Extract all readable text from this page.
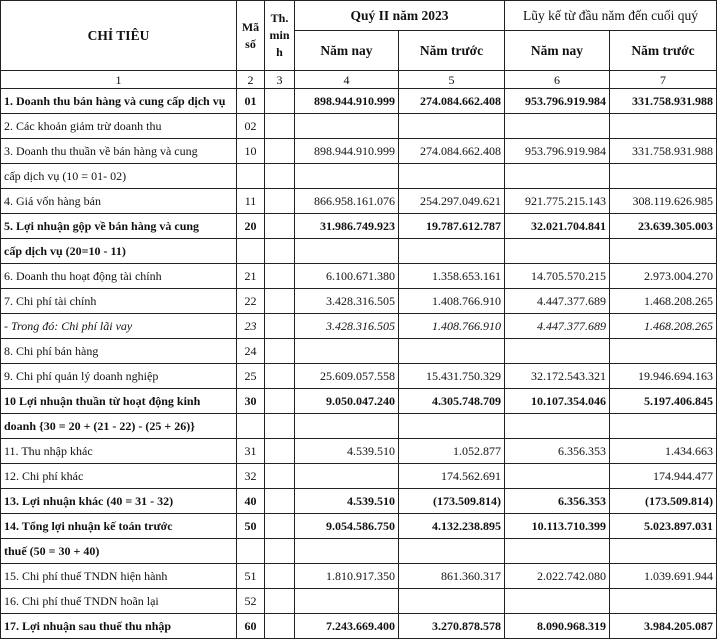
CHỈ TIÊU	Mã số	Th. min h	Quý II năm 2023		Lũy kế từ đầu năm đến cuối quý	
			Năm nay	Năm trước	Năm nay	Năm trước
1	2	3	4	5	6	7
1. Doanh thu bán hàng và cung cấp dịch vụ	01		898.944.910.999	274.084.662.408	953.796.919.984	331.758.931.988
2. Các khoản giảm trừ doanh thu	02					
3. Doanh thu thuần về bán hàng và cung	10		898.944.910.999	274.084.662.408	953.796.919.984	331.758.931.988
cấp dịch vụ (10 = 01- 02)						
4. Giá vốn hàng bán	11		866.958.161.076	254.297.049.621	921.775.215.143	308.119.626.985
5. Lợi nhuận gộp về bán hàng và cung	20		31.986.749.923	19.787.612.787	32.021.704.841	23.639.305.003
cấp dịch vụ (20=10 - 11)						
6. Doanh thu hoạt động tài chính	21		6.100.671.380	1.358.653.161	14.705.570.215	2.973.004.270
7. Chi phí tài chính	22		3.428.316.505	1.408.766.910	4.447.377.689	1.468.208.265
- Trong đó: Chi phí lãi vay	23		3.428.316.505	1.408.766.910	4.447.377.689	1.468.208.265
8. Chi phí bán hàng	24					
9. Chi phí quản lý doanh nghiệp	25		25.609.057.558	15.431.750.329	32.172.543.321	19.946.694.163
10 Lợi nhuận thuần từ hoạt động kinh	30		9.050.047.240	4.305.748.709	10.107.354.046	5.197.406.845
doanh {30 = 20 + (21 - 22) - (25 + 26)}						
11. Thu nhập khác	31		4.539.510	1.052.877	6.356.353	1.434.663
12. Chi phí khác	32			174.562.691		174.944.477
13. Lợi nhuận khác (40 = 31 - 32)	40		4.539.510	(173.509.814)	6.356.353	(173.509.814)
14. Tổng lợi nhuận kế toán trước	50		9.054.586.750	4.132.238.895	10.113.710.399	5.023.897.031
thuế (50 = 30 + 40)						
15. Chi phí thuế TNDN hiện hành	51		1.810.917.350	861.360.317	2.022.742.080	1.039.691.944
16. Chi phí thuế TNDN hoãn lại	52					
17. Lợi nhuận sau thuế thu nhập	60		7.243.669.400	3.270.878.578	8.090.968.319	3.984.205.087
